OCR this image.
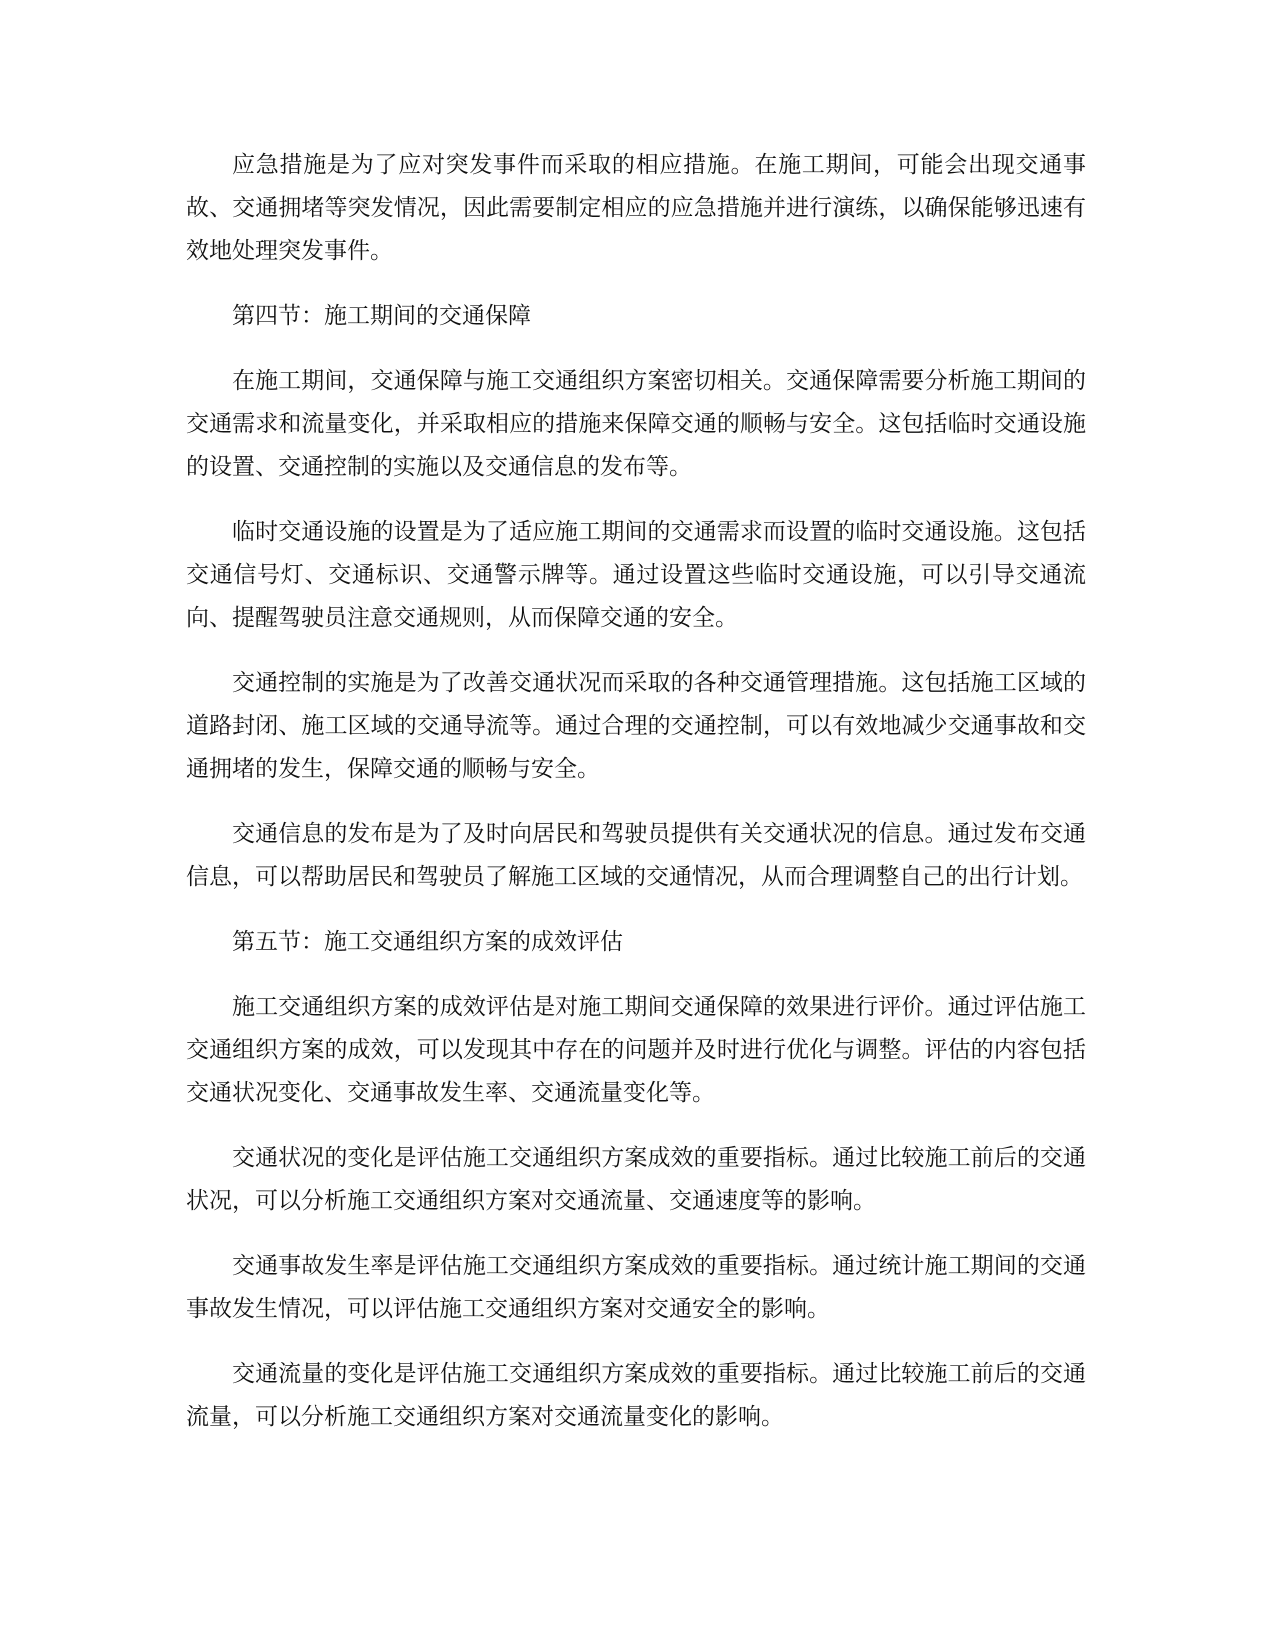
应急措施是为了应对突发事件而采取的相应措施。在施工期间，可能会出现交通事故、交通拥堵等突发情况，因此需要制定相应的应急措施并进行演练，以确保能够迅速有效地处理突发事件。

第四节：施工期间的交通保障

在施工期间，交通保障与施工交通组织方案密切相关。交通保障需要分析施工期间的交通需求和流量变化，并采取相应的措施来保障交通的顺畅与安全。这包括临时交通设施的设置、交通控制的实施以及交通信息的发布等。

临时交通设施的设置是为了适应施工期间的交通需求而设置的临时交通设施。这包括交通信号灯、交通标识、交通警示牌等。通过设置这些临时交通设施，可以引导交通流向、提醒驾驶员注意交通规则，从而保障交通的安全。

交通控制的实施是为了改善交通状况而采取的各种交通管理措施。这包括施工区域的道路封闭、施工区域的交通导流等。通过合理的交通控制，可以有效地减少交通事故和交通拥堵的发生，保障交通的顺畅与安全。

交通信息的发布是为了及时向居民和驾驶员提供有关交通状况的信息。通过发布交通信息，可以帮助居民和驾驶员了解施工区域的交通情况，从而合理调整自己的出行计划。

第五节：施工交通组织方案的成效评估

施工交通组织方案的成效评估是对施工期间交通保障的效果进行评价。通过评估施工交通组织方案的成效，可以发现其中存在的问题并及时进行优化与调整。评估的内容包括交通状况变化、交通事故发生率、交通流量变化等。

交通状况的变化是评估施工交通组织方案成效的重要指标。通过比较施工前后的交通状况，可以分析施工交通组织方案对交通流量、交通速度等的影响。

交通事故发生率是评估施工交通组织方案成效的重要指标。通过统计施工期间的交通事故发生情况，可以评估施工交通组织方案对交通安全的影响。

交通流量的变化是评估施工交通组织方案成效的重要指标。通过比较施工前后的交通流量，可以分析施工交通组织方案对交通流量变化的影响。
